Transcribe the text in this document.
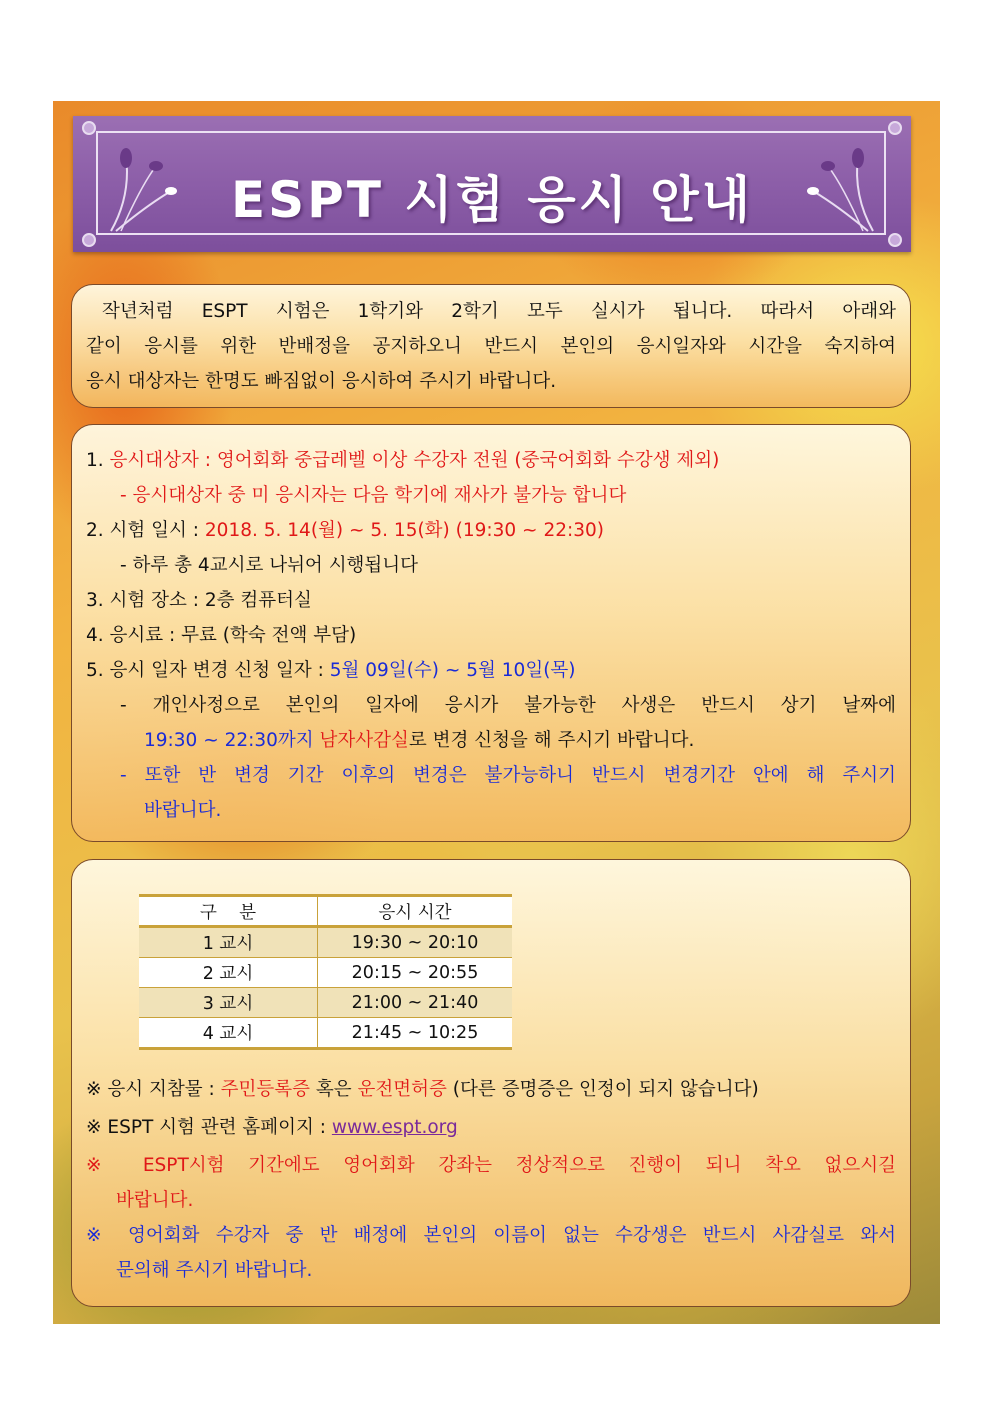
ESPT 시험 응시 안내
작년처럼 ESPT 시험은 1학기와 2학기 모두 실시가 됩니다. 따라서 아래와
같이 응시를 위한 반배정을 공지하오니 반드시 본인의 응시일자와 시간을 숙지하여
응시 대상자는 한명도 빠짐없이 응시하여 주시기 바랍니다.
1. 응시대상자 : 영어회화 중급레벨 이상 수강자 전원 (중국어회화 수강생 제외)
- 응시대상자 중 미 응시자는 다음 학기에 재사가 불가능 합니다
2. 시험 일시 : 2018. 5. 14(월) ~ 5. 15(화) (19:30 ~ 22:30)
- 하루 총 4교시로 나뉘어 시행됩니다
3. 시험 장소 : 2층 컴퓨터실
4. 응시료 : 무료 (학숙 전액 부담)
5. 응시 일자 변경 신청 일자 : 5월 09일(수) ~ 5월 10일(목)
- 개인사정으로 본인의 일자에 응시가 불가능한 사생은 반드시 상기 날짜에
19:30 ~ 22:30까지 남자사감실로 변경 신청을 해 주시기 바랍니다.
- 또한 반 변경 기간 이후의 변경은 불가능하니 반드시 변경기간 안에 해 주시기
바랍니다.
구    분	응시 시간
1 교시	19:30 ~ 20:10
2 교시	20:15 ~ 20:55
3 교시	21:00 ~ 21:40
4 교시	21:45 ~ 10:25
※ 응시 지참물 : 주민등록증 혹은 운전면허증 (다른 증명증은 인정이 되지 않습니다)
※ ESPT 시험 관련 홈페이지 : www.espt.org
※ ESPT시험 기간에도 영어회화 강좌는 정상적으로 진행이 되니 착오 없으시길
바랍니다.
※ 영어회화 수강자 중 반 배정에 본인의 이름이 없는 수강생은 반드시 사감실로 와서
문의해 주시기 바랍니다.
